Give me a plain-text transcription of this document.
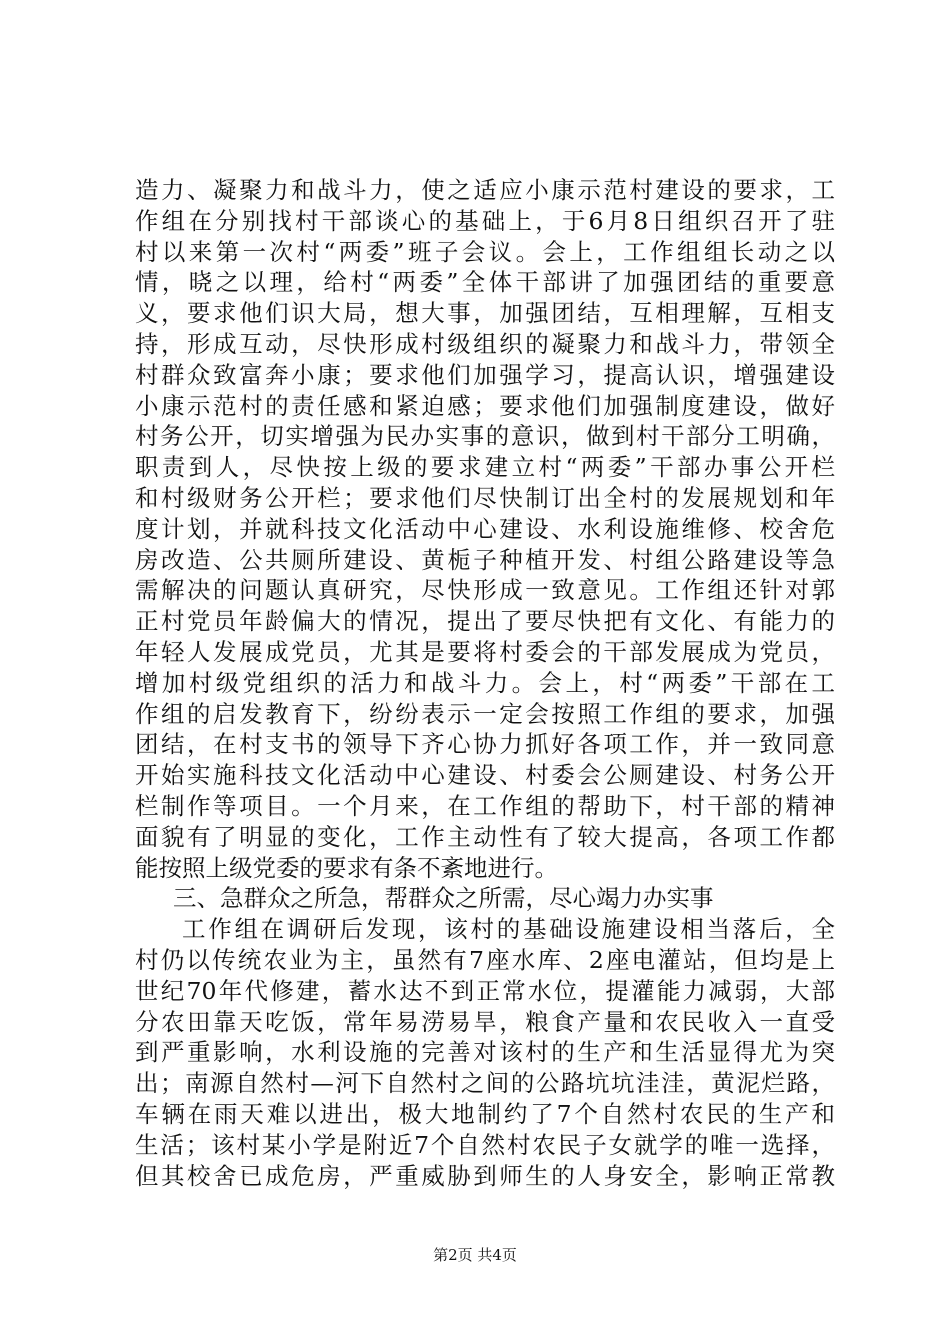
造力、凝聚力和战斗力，使之适应小康示范村建设的要求，工
作组在分别找村干部谈心的基础上，于6月8日组织召开了驻
村以来第一次村“两委”班子会议。会上，工作组组长动之以
情，晓之以理，给村“两委”全体干部讲了加强团结的重要意
义，要求他们识大局，想大事，加强团结，互相理解，互相支
持，形成互动，尽快形成村级组织的凝聚力和战斗力，带领全
村群众致富奔小康；要求他们加强学习，提高认识，增强建设
小康示范村的责任感和紧迫感；要求他们加强制度建设，做好
村务公开，切实增强为民办实事的意识，做到村干部分工明确，
职责到人，尽快按上级的要求建立村“两委”干部办事公开栏
和村级财务公开栏；要求他们尽快制订出全村的发展规划和年
度计划，并就科技文化活动中心建设、水利设施维修、校舍危
房改造、公共厕所建设、黄栀子种植开发、村组公路建设等急
需解决的问题认真研究，尽快形成一致意见。工作组还针对郭
正村党员年龄偏大的情况，提出了要尽快把有文化、有能力的
年轻人发展成党员，尤其是要将村委会的干部发展成为党员，
增加村级党组织的活力和战斗力。会上，村“两委”干部在工
作组的启发教育下，纷纷表示一定会按照工作组的要求，加强
团结，在村支书的领导下齐心协力抓好各项工作，并一致同意
开始实施科技文化活动中心建设、村委会公厕建设、村务公开
栏制作等项目。一个月来，在工作组的帮助下，村干部的精神
面貌有了明显的变化，工作主动性有了较大提高，各项工作都
能按照上级党委的要求有条不紊地进行。
三、急群众之所急，帮群众之所需，尽心竭力办实事
工作组在调研后发现，该村的基础设施建设相当落后，全
村仍以传统农业为主，虽然有7座水库、2座电灌站，但均是上
世纪70年代修建，蓄水达不到正常水位，提灌能力减弱，大部
分农田靠天吃饭，常年易涝易旱，粮食产量和农民收入一直受
到严重影响，水利设施的完善对该村的生产和生活显得尤为突
出；南源自然村—河下自然村之间的公路坑坑洼洼，黄泥烂路，
车辆在雨天难以进出，极大地制约了7个自然村农民的生产和
生活；该村某小学是附近7个自然村农民子女就学的唯一选择，
但其校舍已成危房，严重威胁到师生的人身安全，影响正常教
第2页 共4页
